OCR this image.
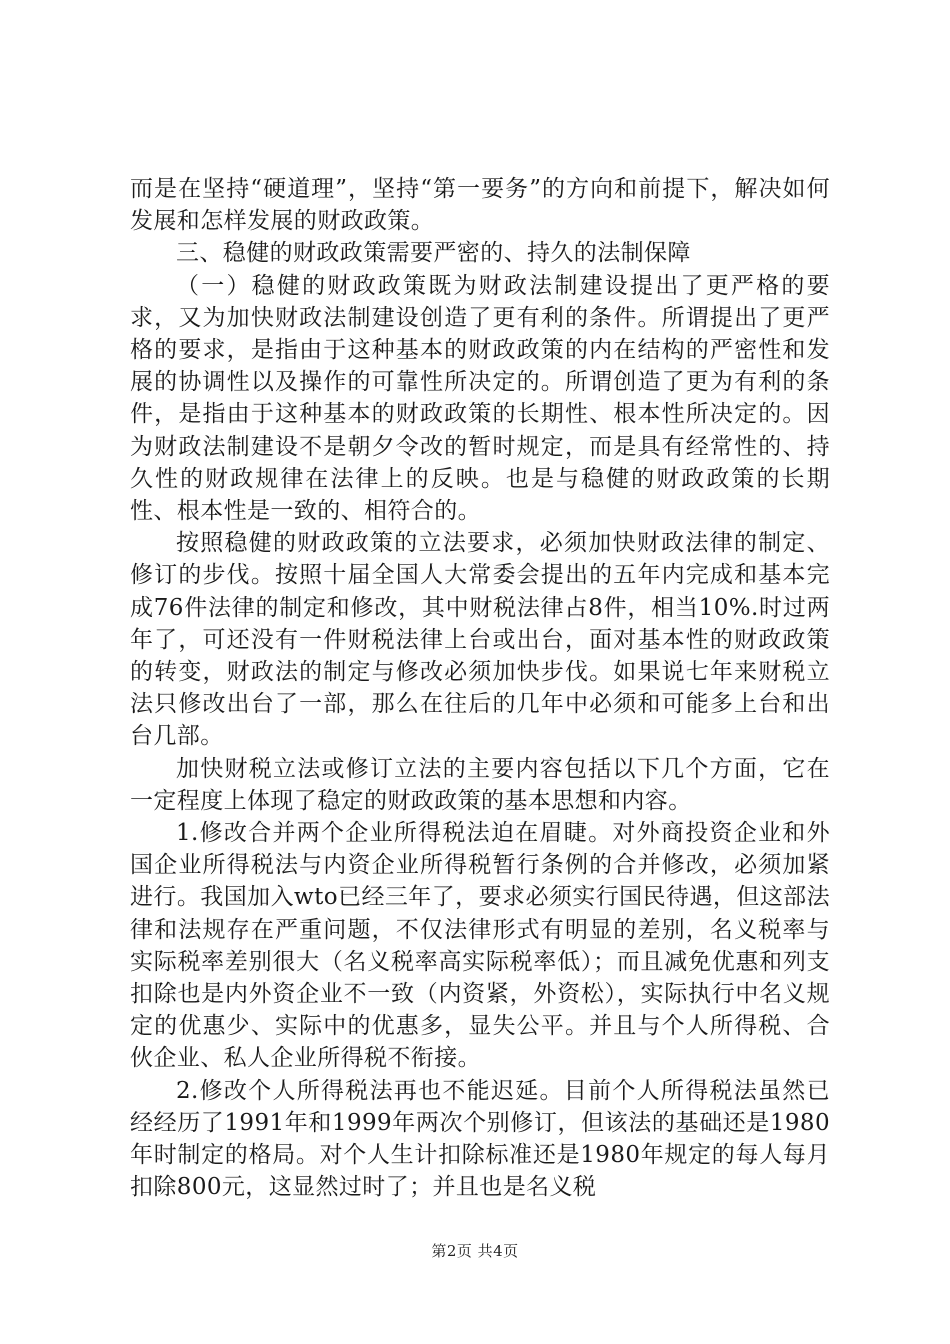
而是在坚持“硬道理”，坚持“第一要务”的方向和前提下，解决如何发展和怎样发展的财政政策。

三、稳健的财政政策需要严密的、持久的法制保障

（一）稳健的财政政策既为财政法制建设提出了更严格的要求，又为加快财政法制建设创造了更有利的条件。所谓提出了更严格的要求，是指由于这种基本的财政政策的内在结构的严密性和发展的协调性以及操作的可靠性所决定的。所谓创造了更为有利的条件，是指由于这种基本的财政政策的长期性、根本性所决定的。因为财政法制建设不是朝夕令改的暂时规定，而是具有经常性的、持久性的财政规律在法律上的反映。也是与稳健的财政政策的长期性、根本性是一致的、相符合的。

按照稳健的财政政策的立法要求，必须加快财政法律的制定、修订的步伐。按照十届全国人大常委会提出的五年内完成和基本完成76件法律的制定和修改，其中财税法律占8件，相当10%.时过两年了，可还没有一件财税法律上台或出台，面对基本性的财政政策的转变，财政法的制定与修改必须加快步伐。如果说七年来财税立法只修改出台了一部，那么在往后的几年中必须和可能多上台和出台几部。

加快财税立法或修订立法的主要内容包括以下几个方面，它在一定程度上体现了稳定的财政政策的基本思想和内容。

1.修改合并两个企业所得税法迫在眉睫。对外商投资企业和外国企业所得税法与内资企业所得税暂行条例的合并修改，必须加紧进行。我国加入wto已经三年了，要求必须实行国民待遇，但这部法律和法规存在严重问题，不仅法律形式有明显的差别，名义税率与实际税率差别很大（名义税率高实际税率低）；而且减免优惠和列支扣除也是内外资企业不一致（内资紧，外资松），实际执行中名义规定的优惠少、实际中的优惠多，显失公平。并且与个人所得税、合伙企业、私人企业所得税不衔接。

2.修改个人所得税法再也不能迟延。目前个人所得税法虽然已经经历了1991年和1999年两次个别修订，但该法的基础还是1980年时制定的格局。对个人生计扣除标准还是1980年规定的每人每月扣除800元，这显然过时了；并且也是名义税

第2页 共4页
